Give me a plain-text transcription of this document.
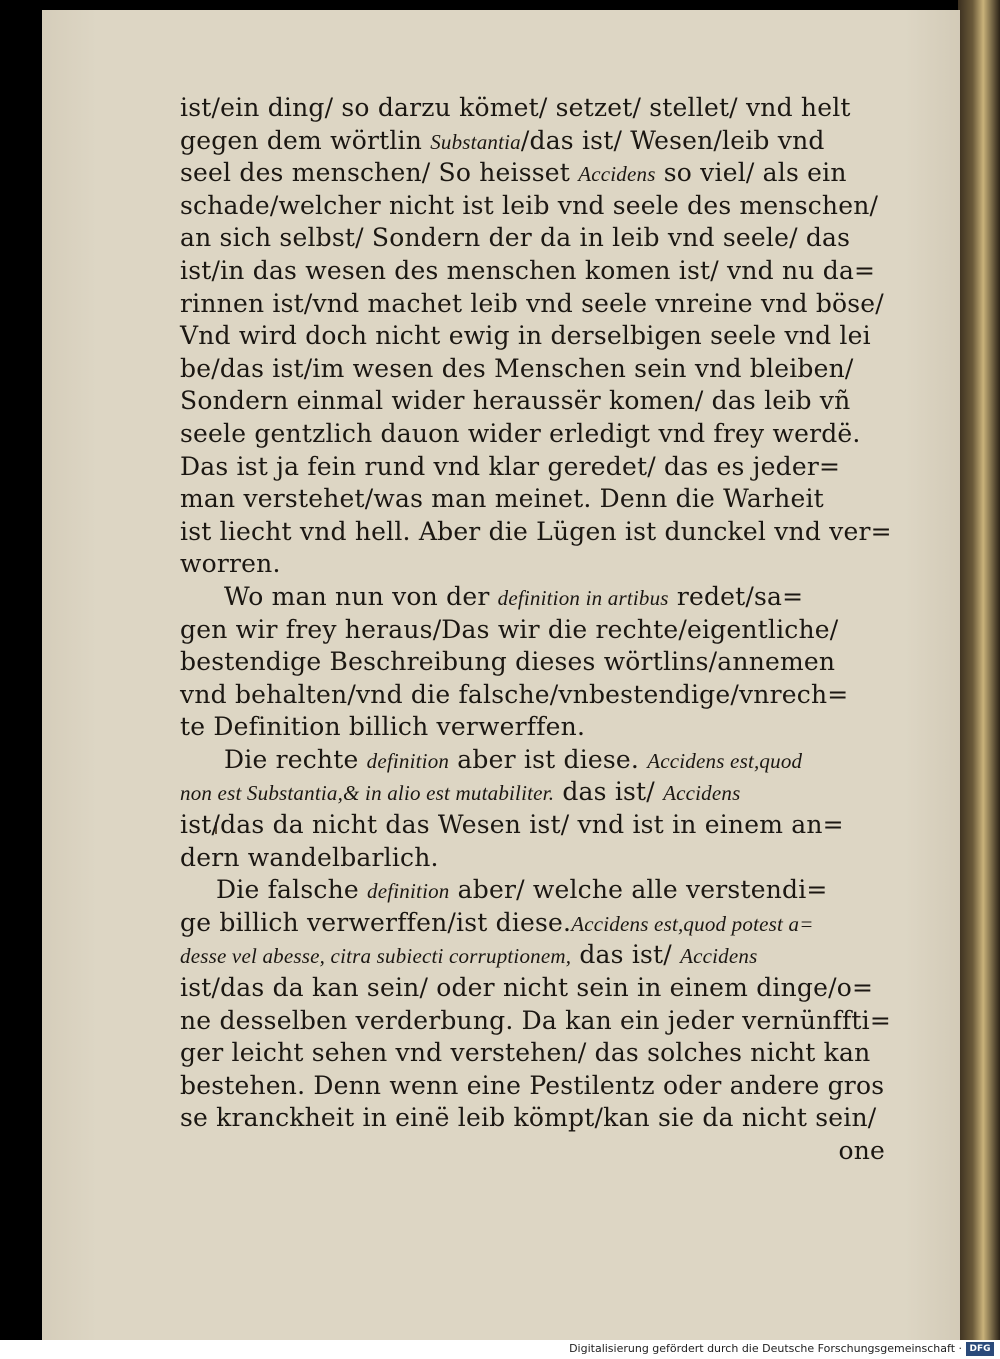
ist/ein ding/ so darzu kömet/ setzet/ stellet/ vnd helt
gegen dem wörtlin Substantia/das ist/ Wesen/leib vnd
seel des menschen/ So heisset Accidens so viel/ als ein
schade/welcher nicht ist leib vnd seele des menschen/
an sich selbst/ Sondern der da in leib vnd seele/ das
ist/in das wesen des menschen komen ist/ vnd nu da=
rinnen ist/vnd machet leib vnd seele vnreine vnd böse/
Vnd wird doch nicht ewig in derselbigen seele vnd lei
be/das ist/im wesen des Menschen sein vnd bleiben/
Sondern einmal wider heraussër komen/ das leib vñ
seele gentzlich dauon wider erledigt vnd frey werdë.
Das ist ja fein rund vnd klar geredet/ das es jeder=
man verstehet/was man meinet. Denn die Warheit
ist liecht vnd hell. Aber die Lügen ist dunckel vnd ver=
worren.
Wo man nun von der definition in artibus redet/sa=
gen wir frey heraus/Das wir die rechte/eigentliche/
bestendige Beschreibung dieses wörtlins/annemen
vnd behalten/vnd die falsche/vnbestendige/vnrech=
te Definition billich verwerffen.
Die rechte definition aber ist diese. Accidens est,quod
non est Substantia,& in alio est mutabiliter. das ist/ Accidens
ist/das da nicht das Wesen ist/ vnd ist in einem an=
dern wandelbarlich.
Die falsche definition aber/ welche alle verstendi=
ge billich verwerffen/ist diese.Accidens est,quod potest a=
desse vel abesse, citra subiecti corruptionem, das ist/ Accidens
ist/das da kan sein/ oder nicht sein in einem dinge/o=
ne desselben verderbung. Da kan ein jeder vernünffti=
ger leicht sehen vnd verstehen/ das solches nicht kan
bestehen. Denn wenn eine Pestilentz oder andere gros
se kranckheit in einë leib kömpt/kan sie da nicht sein/
one
Digitalisierung gefördert durch die Deutsche Forschungsgemeinschaft · DFG
